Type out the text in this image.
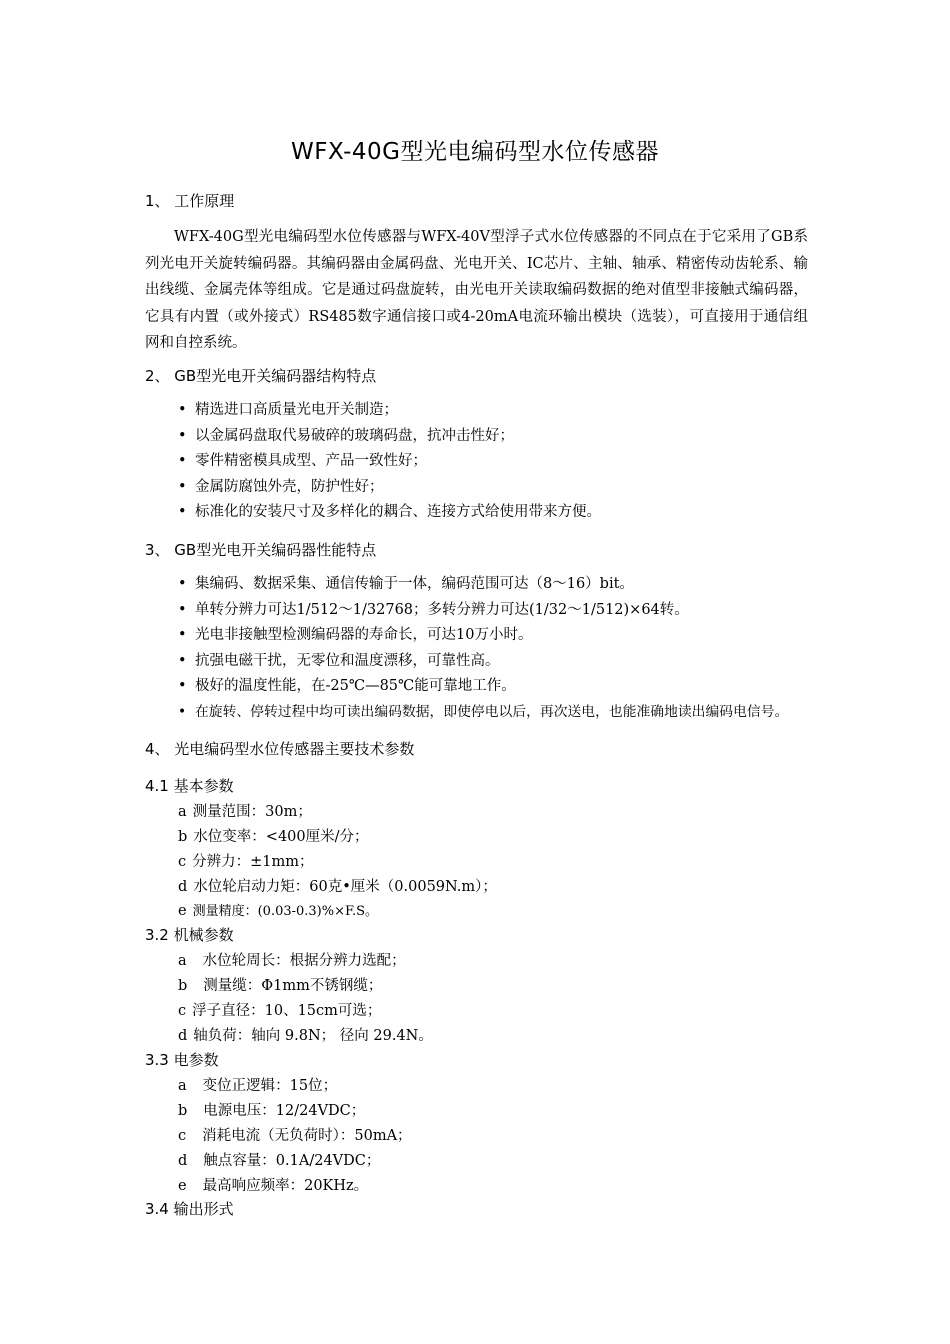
WFX-40G型光电编码型水位传感器
1、 工作原理

WFX-40G型光电编码型水位传感器与WFX-40V型浮子式水位传感器的不同点在于它采用了GB系列光电开关旋转编码器。其编码器由金属码盘、光电开关、IC芯片、主轴、轴承、精密传动齿轮系、输出线缆、金属壳体等组成。它是通过码盘旋转，由光电开关读取编码数据的绝对值型非接触式编码器，它具有内置（或外接式）RS485数字通信接口或4-20mA电流环输出模块（选装），可直接用于通信组网和自控系统。

2、 GB型光电开关编码器结构特点
• 精选进口高质量光电开关制造；
• 以金属码盘取代易破碎的玻璃码盘，抗冲击性好；
• 零件精密模具成型、产品一致性好；
• 金属防腐蚀外壳，防护性好；
• 标准化的安装尺寸及多样化的耦合、连接方式给使用带来方便。
3、 GB型光电开关编码器性能特点
• 集编码、数据采集、通信传输于一体，编码范围可达（8～16）bit。
• 单转分辨力可达1/512～1/32768；多转分辨力可达(1/32～1/512)×64转。
• 光电非接触型检测编码器的寿命长，可达10万小时。
• 抗强电磁干扰，无零位和温度漂移，可靠性高。
• 极好的温度性能，在-25℃—85℃能可靠地工作。
• 在旋转、停转过程中均可读出编码数据，即使停电以后，再次送电，也能准确地读出编码电信号。
4、 光电编码型水位传感器主要技术参数
4.1 基本参数
a 测量范围：30m；
b 水位变率：<400厘米/分；
c 分辨力：±1mm；
d 水位轮启动力矩：60克•厘米（0.0059N.m）；
e 测量精度：(0.03-0.3)%×F.S。
3.2 机械参数
a 水位轮周长：根据分辨力选配；
b 测量缆：Φ1mm不锈钢缆；
c 浮子直径：10、15cm可选；
d 轴负荷：轴向 9.8N； 径向 29.4N。
3.3 电参数
a 变位正逻辑：15位；
b 电源电压：12/24VDC；
c 消耗电流（无负荷时）：50mA；
d 触点容量：0.1A/24VDC；
e 最高响应频率：20KHz。
3.4 输出形式
